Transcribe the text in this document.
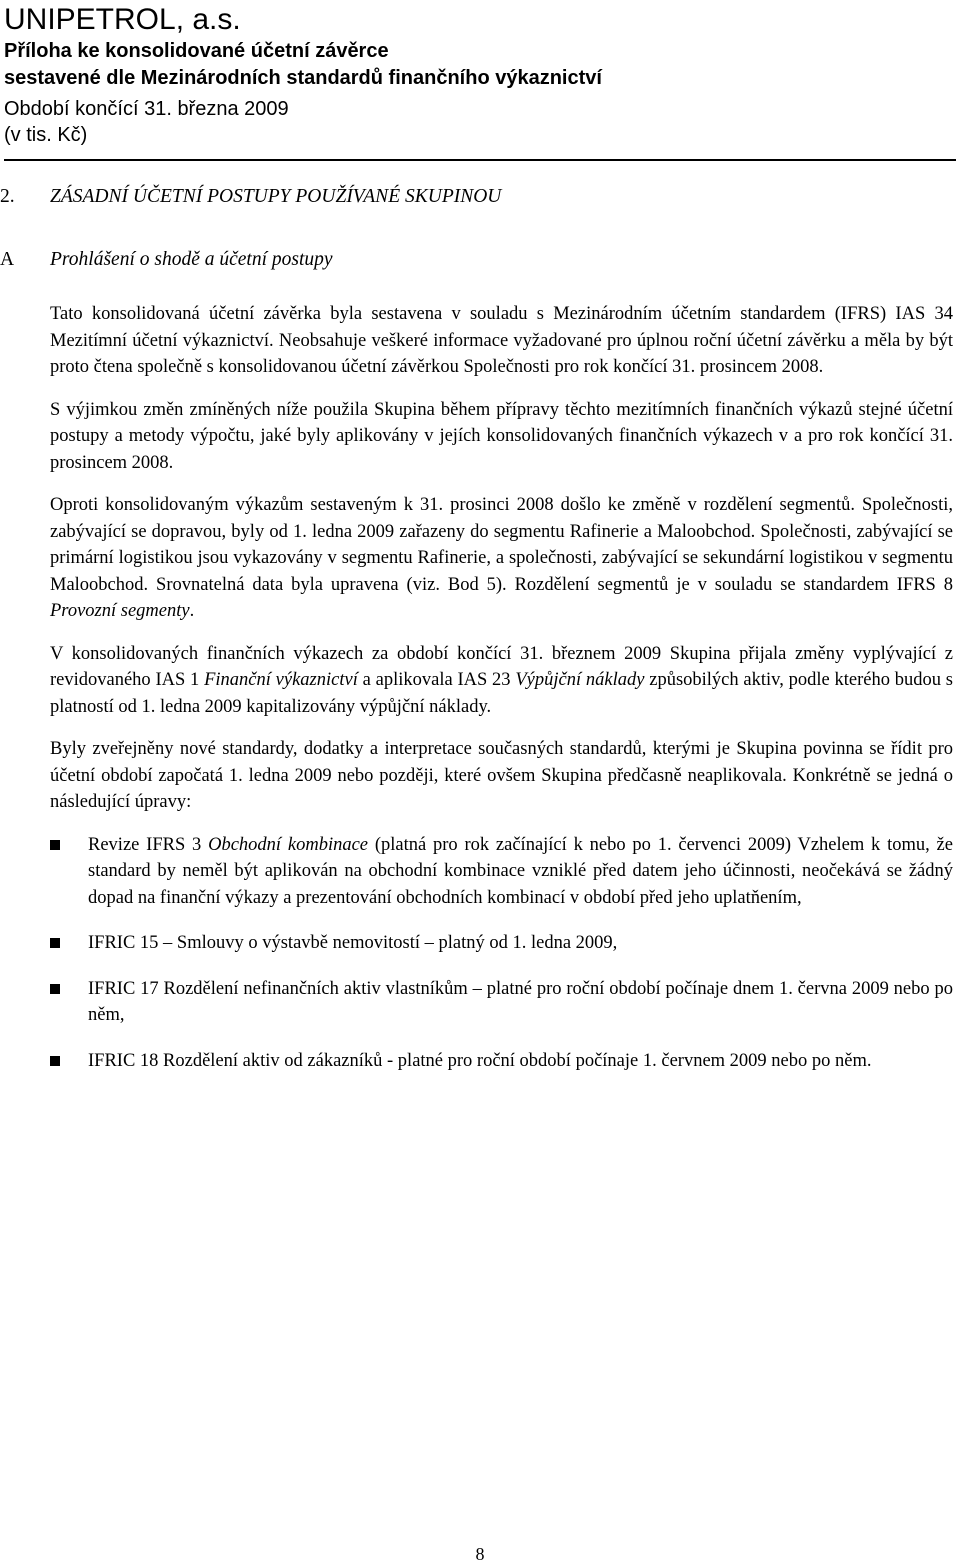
UNIPETROL, a.s.
Příloha ke konsolidované účetní závěrce
sestavené dle Mezinárodních standardů finančního výkaznictví
Období končící 31. března 2009
(v tis. Kč)
2.	ZÁSADNÍ ÚČETNÍ POSTUPY POUŽÍVANÉ SKUPINOU
A	Prohlášení o shodě a účetní postupy
Tato konsolidovaná účetní závěrka byla sestavena v souladu s Mezinárodním účetním standardem (IFRS) IAS 34 Mezitímní účetní výkaznictví. Neobsahuje veškeré informace vyžadované pro úplnou roční účetní závěrku a měla by být proto čtena společně s konsolidovanou účetní závěrkou Společnosti pro rok končící 31. prosincem 2008.
S výjimkou změn zmíněných níže použila Skupina během přípravy těchto mezitímních finančních výkazů stejné účetní postupy a metody výpočtu, jaké byly aplikovány v jejích konsolidovaných finančních výkazech v a pro rok končící 31. prosincem 2008.
Oproti konsolidovaným výkazům sestaveným k 31. prosinci 2008 došlo ke změně v rozdělení segmentů. Společnosti, zabývající se dopravou, byly od 1. ledna 2009 zařazeny do segmentu Rafinerie a Maloobchod. Společnosti, zabývající se primární logistikou jsou vykazovány v segmentu Rafinerie, a společnosti, zabývající se sekundární logistikou v segmentu Maloobchod. Srovnatelná data byla upravena (viz. Bod 5). Rozdělení segmentů je v souladu se standardem IFRS 8 Provozní segmenty.
V konsolidovaných finančních výkazech za období končící 31. březnem 2009 Skupina přijala změny vyplývající z revidovaného IAS 1 Finanční výkaznictví a aplikovala IAS 23 Výpůjční náklady způsobilých aktiv, podle kterého budou s platností od 1. ledna 2009 kapitalizovány výpůjční náklady.
Byly zveřejněny nové standardy, dodatky a interpretace současných standardů, kterými je Skupina povinna se řídit pro účetní období započatá 1. ledna 2009 nebo později, které ovšem Skupina předčasně neaplikovala. Konkrétně se jedná o následující úpravy:
Revize IFRS 3 Obchodní kombinace (platná pro rok začínající k nebo po 1. červenci 2009) Vzhelem k tomu, že standard by neměl být aplikován na obchodní kombinace vzniklé před datem jeho účinnosti, neočekává se žádný dopad na finanční výkazy a prezentování obchodních kombinací v období před jeho uplatňením,
IFRIC 15 – Smlouvy o výstavbě nemovitostí – platný od 1. ledna 2009,
IFRIC 17 Rozdělení nefinančních aktiv vlastníkům – platné pro roční období počínaje dnem 1. června 2009 nebo po něm,
IFRIC 18 Rozdělení aktiv od zákazníků - platné pro roční období počínaje 1. červnem 2009 nebo po něm.
8
